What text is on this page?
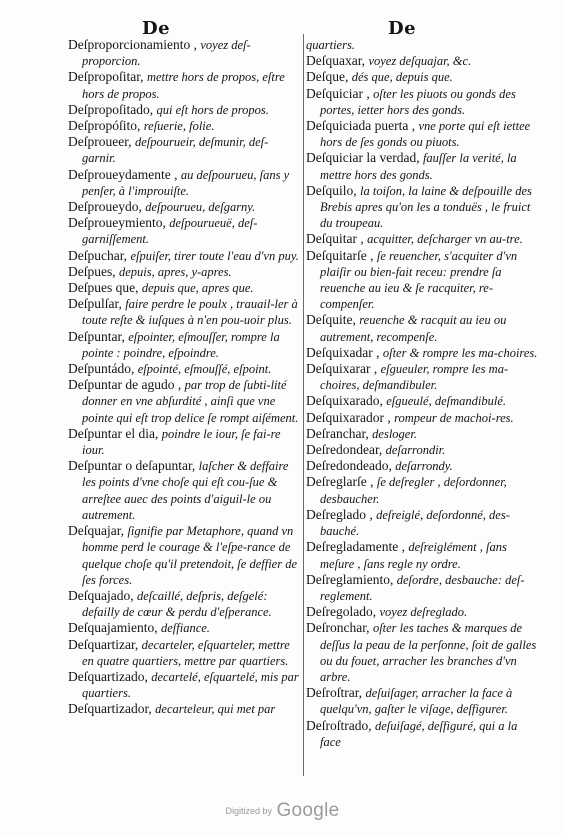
De	De

Deſproporcionamiento , voyez deſ-proporcion.

Deſpropoſitar, mettre hors de propos, eſtre hors de propos.

Deſpropoſitado, qui eſt hors de propos.

Deſpropóſito, reſuerie, folie.

Deſproueer, deſpourueir, deſmunir, deſ-garnir.

Deſproueydamente , au deſpourueu, ſans y penſer, à l'improuiſte.

Deſproueydo, deſpourueu, deſgarny.

Deſproueymiento, deſpourueuë, deſ-garniſſement.

Deſpuchar, eſpuiſer, tirer toute l'eau d'vn puy.

Deſpues, depuis, apres, y-apres.

Deſpues que, depuis que, apres que.

Deſpulſar, faire perdre le poulx , trauail-ler à toute reſte & iuſques à n'en pou-uoir plus.

Deſpuntar, eſpointer, eſmouſſer, rompre la pointe : poindre, eſpoindre.

Deſpuntádo, eſpointé, eſmouſſé, eſpoint.

Deſpuntar de agudo , par trop de ſubti-lité donner en vne abſurdité , ainſi que vne pointe qui eſt trop delice ſe rompt aiſément.

Deſpuntar el dia, poindre le iour, ſe fai-re iour.

Deſpuntar o deſapuntar, laſcher & deffaire les points d'vne choſe qui eſt cou-ſue & arreſtee auec des points d'aiguil-le ou autrement.

Deſquajar, ſignifie par Metaphore, quand vn homme perd le courage & l'eſpe-rance de quelque choſe qu'il pretendoit, ſe deffier de ſes forces.

Deſquajado, deſcaillé, deſpris, deſgelé: defailly de cœur & perdu d'eſperance.

Deſquajamiento, deſfiance.

Deſquartizar, decarteler, eſquarteler, mettre en quatre quartiers, mettre par quartiers.

Deſquartizado, decartelé, eſquartelé, mis par quartiers.

Deſquartizador, decarteleur, qui met par

quartiers.

Deſquaxar, voyez deſquajar, &c.

Deſque, dés que, depuis que.

Deſquiciar , oſter les piuots ou gonds des portes, ietter hors des gonds.

Deſquiciada puerta , vne porte qui eſt iettee hors de ſes gonds ou piuots.

Deſquiciar la verdad, fauſſer la verité, la mettre hors des gonds.

Deſquilo, la toiſon, la laine & deſpouille des Brebis apres qu'on les a tonduës , le fruict du troupeau.

Deſquitar , acquitter, deſcharger vn au-tre.

Deſquitarſe , ſe reuencher, s'acquiter d'vn plaiſir ou bien-fait receu: prendre ſa reuenche au ieu & ſe racquiter, re-compenſer.

Deſquite, reuenche & racquit au ieu ou autrement, recompenſe.

Deſquixadar , oſter & rompre les ma-choires.

Deſquixarar , eſgueuler, rompre les ma-choires, deſmandibuler.

Deſquixarado, eſgueulé, deſmandibulé.

Deſquixarador , rompeur de machoi-res.

Deſranchar, desloger.

Deſredondear, deſarrondir.

Deſredondeado, deſarrondy.

Deſreglarſe , ſe deſregler , deſordonner, desbaucher.

Deſreglado , deſreiglé, deſordonné, des-bauché.

Deſregladamente , deſreiglément , ſans meſure , ſans regle ny ordre.

Deſreglamiento, deſordre, desbauche: deſ-reglement.

Deſregolado, voyez deſreglado.

Deſronchar, oſter les taches & marques de deſſus la peau de la perſonne, ſoit de galles ou du fouet, arracher les branches d'vn arbre.

Deſroſtrar, deſuiſager, arracher la face à quelqu'vn, gaſter le viſage, deſfigurer.

Deſroſtrado, deſuiſagé, deſfiguré, qui a la face

Digitized by Google
